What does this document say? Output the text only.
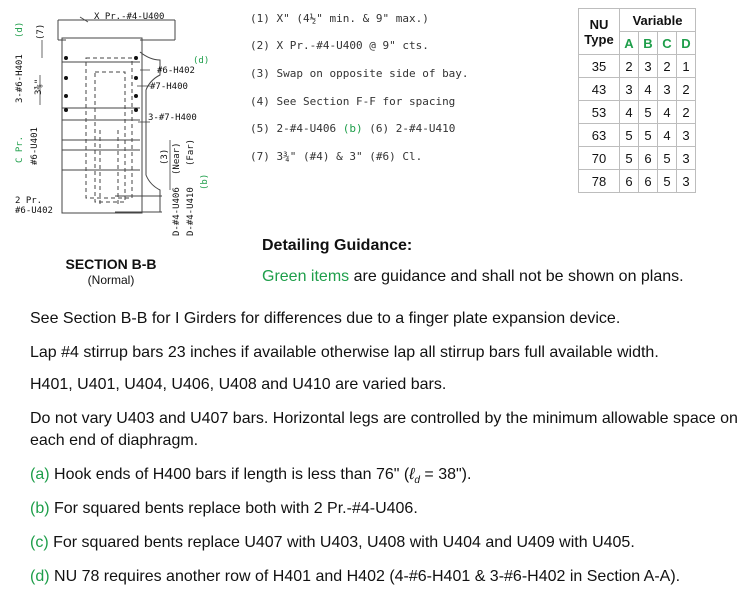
X Pr.-#4-U400
#6-H402
(d)
#7-H400
3-#7-H400
2 Pr.
#6-U402
(d) (7)
3-#6-H401 3⅜"
C Pr. #6-U401	(3) (Near) (Far)
(b)
D-#4-U406 D-#4-U410
SECTION B-B
(Normal)
(1) X" (4½" min. & 9" max.)
(2) X Pr.-#4-U400 @ 9" cts.
(3) Swap on opposite side of bay.
(4) See Section F-F for spacing
(5) 2-#4-U406 (b) (6) 2-#4-U410
(7) 3¾" (#4) & 3" (#6) Cl.
NU
Type	Variable			
	A	B	C	D
35	2	3	2	1
43	3	4	3	2
53	4	5	4	2
63	5	5	4	3
70	5	6	5	3
78	6	6	5	3
Detailing Guidance:
Green items are guidance and shall not be shown on plans.
See Section B-B for I Girders for differences due to a finger plate expansion device.
Lap #4 stirrup bars 23 inches if available otherwise lap all stirrup bars full available width.
H401, U401, U404, U406, U408 and U410 are varied bars.
Do not vary U403 and U407 bars. Horizontal legs are controlled by the minimum allowable space on each end of diaphragm.
(a) Hook ends of H400 bars if length is less than 76" (ℓ$_d$ = 38").
(b) For squared bents replace both with 2 Pr.-#4-U406.
(c) For squared bents replace U407 with U403, U408 with U404 and U409 with U405.
(d) NU 78 requires another row of H401 and H402 (4-#6-H401 & 3-#6-H402 in Section A-A).
